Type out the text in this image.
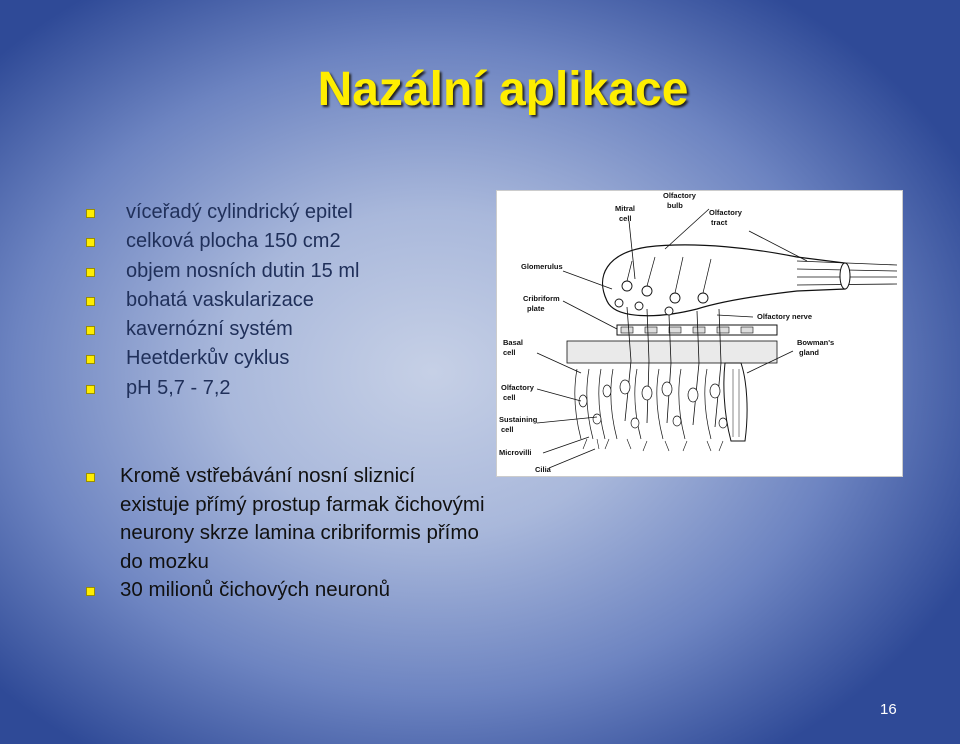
Nazální aplikace
víceřadý cylindrický epitel
celková plocha 150 cm2
objem nosních dutin 15 ml
bohatá vaskularizace
kavernózní systém
Heetderkův cyklus
pH 5,7 - 7,2
Kromě vstřebávání nosní sliznicí existuje přímý prostup farmak čichovými neurony skrze lamina cribriformis přímo do mozku
30 milionů čichových neuronů
Olfactory
bulb
Mitral
cell
Olfactory
tract
Glomerulus
Cribriform
plate
Olfactory nerve
Basal
cell
Bowman's
gland
Olfactory
cell
Sustaining
cell
Microvilli
Cilia
16
